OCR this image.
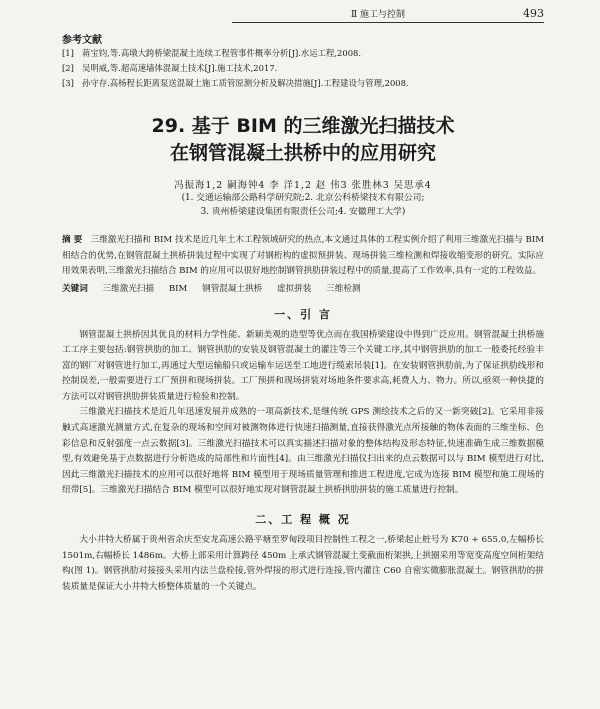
Ⅱ 施工与控制	493
参考文献
[1] 蒋宝钧,等.高墩大跨桥梁混凝土连续工程管事件概率分析[J].水运工程,2008.
[2] 吴明威,等.超高速墙体混凝土技术[J].施工技术,2017.
[3] 孙守存.高杨程长距离泵送混凝土施工质管原测分析及解决措施[J].工程建设与管理,2008.
29. 基于 BIM 的三维激光扫描技术
在钢管混凝土拱桥中的应用研究
冯振海1,2 嗣海钟4 李 洋1,2 赵 伟3 张胜林3 吴思承4
(1. 交通运输部公路科学研究院;2. 北京公科桥梁技术有限公司;
3. 贵州桥梁建设集团有限责任公司;4. 安徽理工大学)
摘 要 三维激光扫描和 BIM 技术是近几年土木工程领域研究的热点,本文通过具体的工程实例介绍了利用三维激光扫描与 BIM 相结合的优势,在钢管混凝土拱桥拼装过程中实现了对钢桁构的虚拟预拼装、现场拼装三维检测和焊接收缩变形的研究。实际应用效果表明,三维激光扫描结合 BIM 的应用可以很好地控制钢管拱肋拼装过程中的质量,提高了工作效率,具有一定的工程效益。
关键词 三维激光扫描 BIM 钢管混凝土拱桥 虚拟拼装 三维检测
一、引 言

钢管混凝土拱桥因其优良的材料力学性能、新颖美观的造型等优点而在我国桥梁建设中得到广泛应用。钢管混凝土拱桥施工工序主要包括:钢管拱肋的加工、钢管拱肋的安装及钢管混凝土的灌注等三个关键工序,其中钢管拱肋的加工一般委托经验丰富的钢厂对钢管进行加工,再通过大型运输船只或运输车运送至工地进行缆索吊装[1]。在安装钢管拱肋前,为了保证拱肋线形和控制误差,一般需要进行工厂预拼和现场拼装。工厂预拼和现场拼装对场地条件要求高,耗费人力、物力。所以,亟须一种快捷的方法可以对钢管拱肋拼装质量进行检验和控制。

三维激光扫描技术是近几年迅速发展并成熟的一项高新技术,是继传统 GPS 测绘技术之后的又一新突破[2]。它采用非接触式高速激光测量方式,在复杂的现场和空间对被测物体进行快速扫描测量,直接获得激光点所接触的物体表面的三维坐标、色彩信息和反射强度一点云数据[3]。三维激光扫描技术可以真实描述扫描对象的整体结构及形态特征,快速准确生成三维数据模型,有效避免基于点数据进行分析造成的局部性和片面性[4]。由三维激光扫描仪扫出来的点云数据可以与 BIM 模型进行对比,因此三维激光扫描技术的应用可以很好地将 BIM 模型用于现场质量管理和推进工程进度,它成为连接 BIM 模型和施工现场的纽带[5]。三维激光扫描结合 BIM 模型可以很好地实现对钢管混凝土拱桥拱肋拼装的施工质量进行控制。

二、工 程 概 况

大小井特大桥属于贵州省余庆至安龙高速公路平塘至罗甸段项目控制性工程之一,桥梁起止桩号为 K70 + 655.0,左幅桥长 1501m,右幅桥长 1486m。大桥上部采用计算跨径 450m 上承式钢管混凝土变截面桁架拱,上拱圈采用等宽变高度空间桁架结构(图 1)。钢管拱肋对接接头采用内法兰盘栓接,管外焊接的形式进行连接,管内灌注 C60 自密实微膨胀混凝土。钢管拱肋的拼装质量是保证大小井特大桥整体质量的一个关键点。
